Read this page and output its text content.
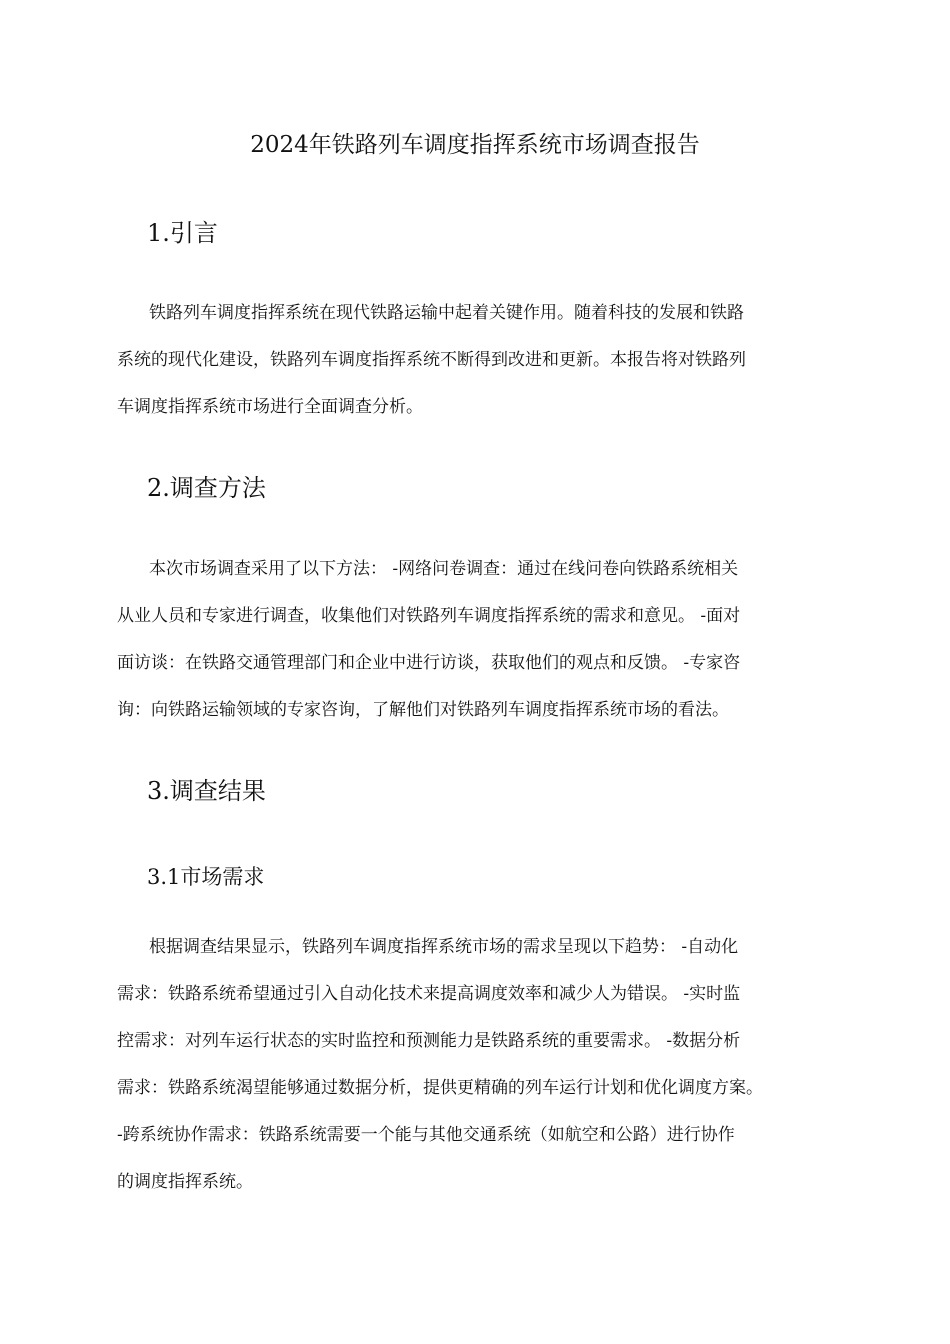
2024年铁路列车调度指挥系统市场调查报告
1.引言
铁路列车调度指挥系统在现代铁路运输中起着关键作用。随着科技的发展和铁路
系统的现代化建设，铁路列车调度指挥系统不断得到改进和更新。本报告将对铁路列
车调度指挥系统市场进行全面调查分析。
2.调查方法
本次市场调查采用了以下方法： -网络问卷调查：通过在线问卷向铁路系统相关
从业人员和专家进行调查，收集他们对铁路列车调度指挥系统的需求和意见。 -面对
面访谈：在铁路交通管理部门和企业中进行访谈，获取他们的观点和反馈。 -专家咨
询：向铁路运输领域的专家咨询，了解他们对铁路列车调度指挥系统市场的看法。
3.调查结果
3.1市场需求
根据调查结果显示，铁路列车调度指挥系统市场的需求呈现以下趋势： -自动化
需求：铁路系统希望通过引入自动化技术来提高调度效率和减少人为错误。 -实时监
控需求：对列车运行状态的实时监控和预测能力是铁路系统的重要需求。 -数据分析
需求：铁路系统渴望能够通过数据分析，提供更精确的列车运行计划和优化调度方案。
-跨系统协作需求：铁路系统需要一个能与其他交通系统（如航空和公路）进行协作
的调度指挥系统。
